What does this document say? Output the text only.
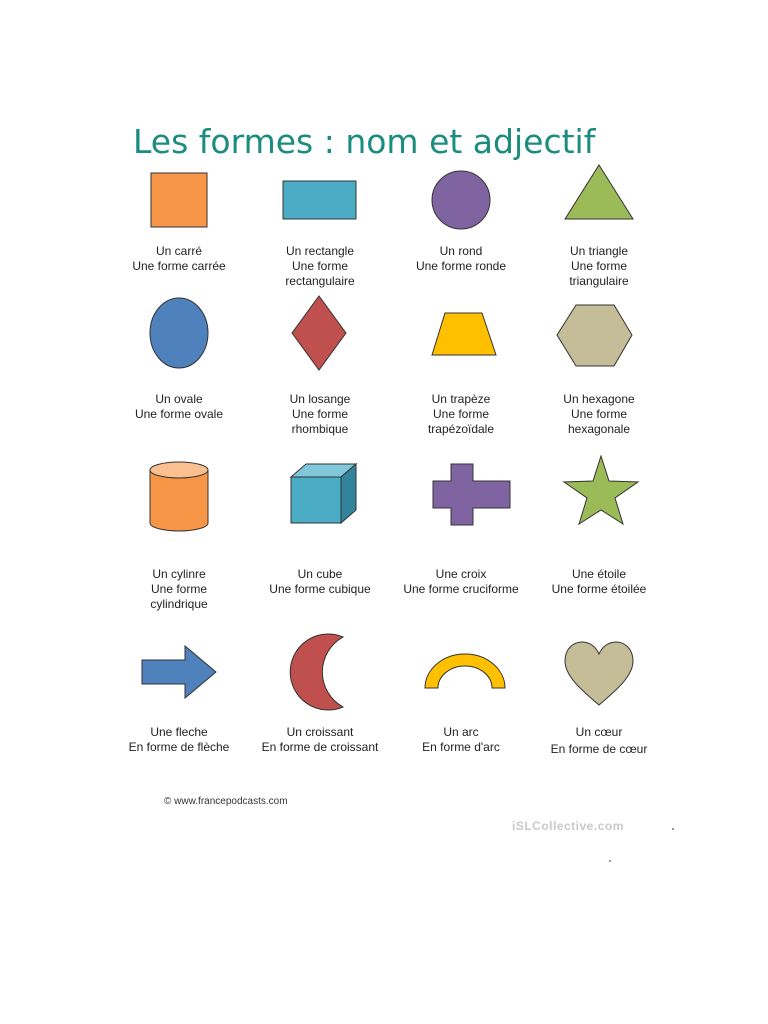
Les formes : nom et adjectif
Un carré
Une forme carrée
Un rectangle
Une forme
rectangulaire
Un rond
Une forme ronde
Un triangle
Une forme
triangulaire
Un ovale
Une forme ovale
Un losange
Une forme
rhombique
Un trapèze
Une forme
trapézoïdale
Un hexagone
Une forme
hexagonale
Un cylinre
Une forme
cylindrique
Un cube
Une forme cubique
Une croix
Une forme cruciforme
Une étoile
Une forme étoilée
Une fleche
En forme de flèche
Un croissant
En forme de croissant
Un arc
En forme d'arc
Un cœur
En forme de cœur
© www.francepodcasts.com
iSLCollective.com
